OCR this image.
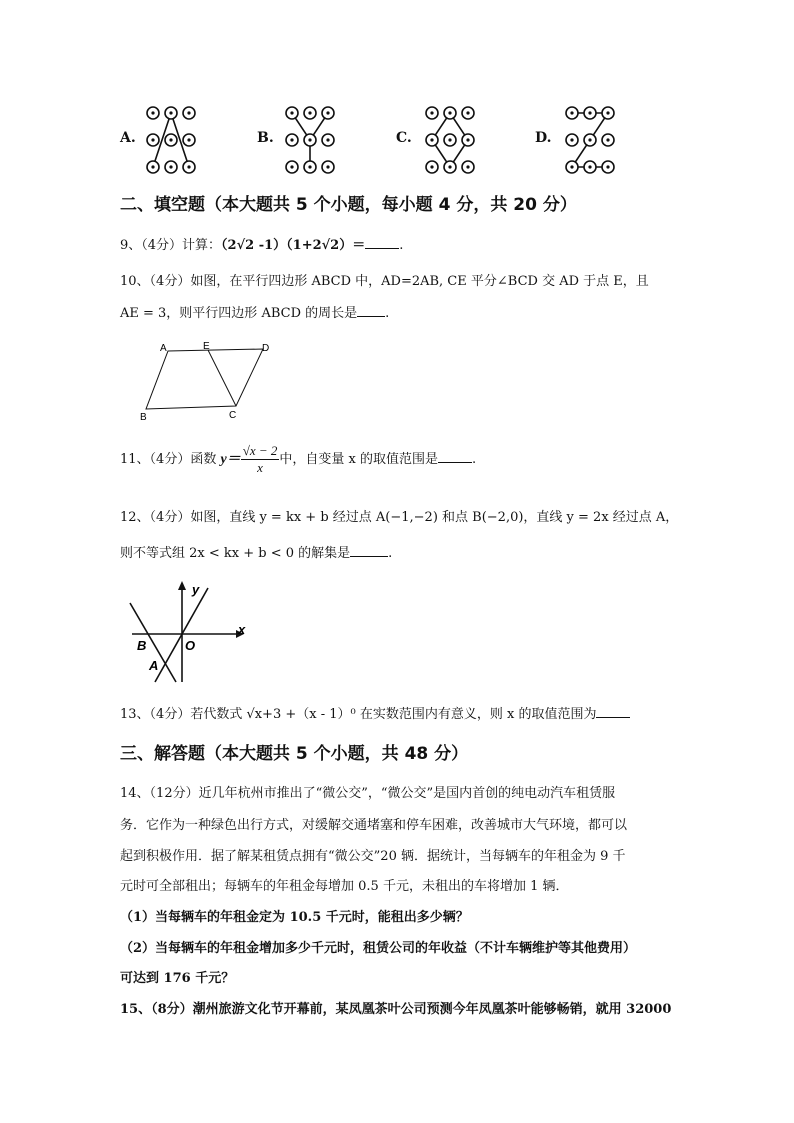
A.	B.	C.	D.
二、填空题（本大题共 5 个小题，每小题 4 分，共 20 分）
9、（4分）计算：（2√2 -1）（1+2√2）＝	.
10、（4分）如图，在平行四边形 ABCD 中，AD=2AB, CE 平分∠BCD 交 AD 于点 E，且
AE = 3，则平行四边形 ABCD 的周长是 .
A	E	D
B	C
11、（4分）函数 $y= \frac{√x - 2}{x}$ 中，自变量 x 的取值范围是	.
12、（4分）如图，直线 y = kx + b 经过点 A(−1,−2) 和点 B(−2,0)，直线 y = 2x 经过点 A，
则不等式组 2x < kx + b < 0 的解集是	.
y
x
B	O
A
13、（4分）若代数式 √x+3 +（x - 1）⁰ 在实数范围内有意义，则 x 的取值范围为
三、解答题（本大题共 5 个小题，共 48 分）
14、（12分）近几年杭州市推出了“微公交”，“微公交”是国内首创的纯电动汽车租赁服
务．它作为一种绿色出行方式，对缓解交通堵塞和停车困难，改善城市大气环境，都可以
起到积极作用．据了解某租赁点拥有“微公交”20 辆．据统计，当每辆车的年租金为 9 千
元时可全部租出；每辆车的年租金每增加 0.5 千元，未租出的车将增加 1 辆．
（1）当每辆车的年租金定为 10.5 千元时，能租出多少辆？
（2）当每辆车的年租金增加多少千元时，租赁公司的年收益（不计车辆维护等其他费用）
可达到 176 千元？
15、（8分）潮州旅游文化节开幕前，某凤凰茶叶公司预测今年凤凰茶叶能够畅销，就用 32000
